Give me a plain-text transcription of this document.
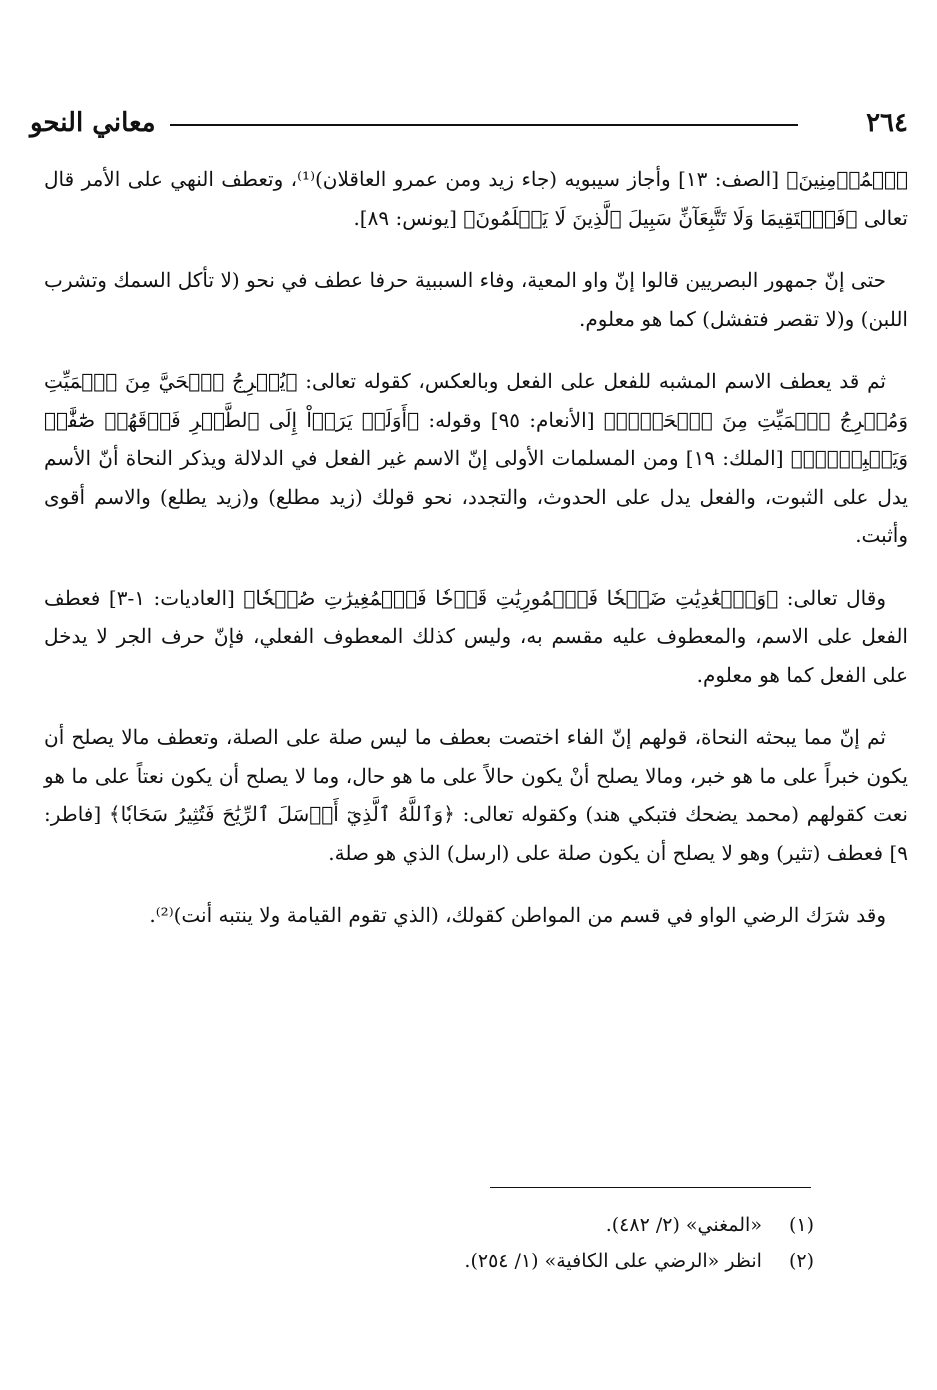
٢٦٤
معاني النحو

ٱلۡمُؤۡمِنِينَ﴾ [الصف: ١٣] وأجاز سيبويه (جاء زيد ومن عمرو العاقلان)⁽¹⁾، وتعطف النهي على الأمر قال تعالى ﴿فَٱسۡتَقِيمَا وَلَا تَتَّبِعَآنِّ سَبِيلَ ٱلَّذِينَ لَا يَعۡلَمُونَ﴾ [يونس: ٨٩].

حتى إنّ جمهور البصريين قالوا إنّ واو المعية، وفاء السببية حرفا عطف في نحو (لا تأكل السمك وتشرب اللبن) و(لا تقصر فتفشل) كما هو معلوم.

ثم قد يعطف الاسم المشبه للفعل على الفعل وبالعكس، كقوله تعالى: ﴿يُخۡرِجُ ٱلۡحَيَّ مِنَ ٱلۡمَيِّتِ وَمُخۡرِجُ ٱلۡمَيِّتِ مِنَ ٱلۡحَيِّۚ﴾ [الأنعام: ٩٥] وقوله: ﴿أَوَلَمۡ يَرَوۡاْ إِلَى ٱلطَّيۡرِ فَوۡقَهُمۡ صَٰٓفَّٰتٖ وَيَقۡبِضۡنَۚ﴾ [الملك: ١٩] ومن المسلمات الأولى إنّ الاسم غير الفعل في الدلالة ويذكر النحاة أنّ الأسم يدل على الثبوت، والفعل يدل على الحدوث، والتجدد، نحو قولك (زيد مطلع) و(زيد يطلع) والاسم أقوى وأثبت.

وقال تعالى: ﴿وَٱلۡعَٰدِيَٰتِ ضَبۡحٗا فَٱلۡمُورِيَٰتِ قَدۡحٗا فَٱلۡمُغِيرَٰتِ صُبۡحٗا﴾ [العاديات: ١-٣] فعطف الفعل على الاسم، والمعطوف عليه مقسم به، وليس كذلك المعطوف الفعلي، فإنّ حرف الجر لا يدخل على الفعل كما هو معلوم.

ثم إنّ مما يبحثه النحاة، قولهم إنّ الفاء اختصت بعطف ما ليس صلة على الصلة، وتعطف مالا يصلح أن يكون خبراً على ما هو خبر، ومالا يصلح أنْ يكون حالاً على ما هو حال، وما لا يصلح أن يكون نعتاً على ما هو نعت كقولهم (محمد يضحك فتبكي هند) وكقوله تعالى: ﴿وَٱللَّهُ ٱلَّذِيٓ أَرۡسَلَ ٱلرِّيَٰحَ فَتُثِيرُ سَحَابٗا﴾ [فاطر: ٩] فعطف (تثير) وهو لا يصلح أن يكون صلة على (ارسل) الذي هو صلة.

وقد شرَك الرضي الواو في قسم من المواطن كقولك، (الذي تقوم القيامة ولا ينتبه أنت)⁽²⁾.

(١) «المغني» (٢/ ٤٨٢).
(٢) انظر «الرضي على الكافية» (١/ ٢٥٤).
